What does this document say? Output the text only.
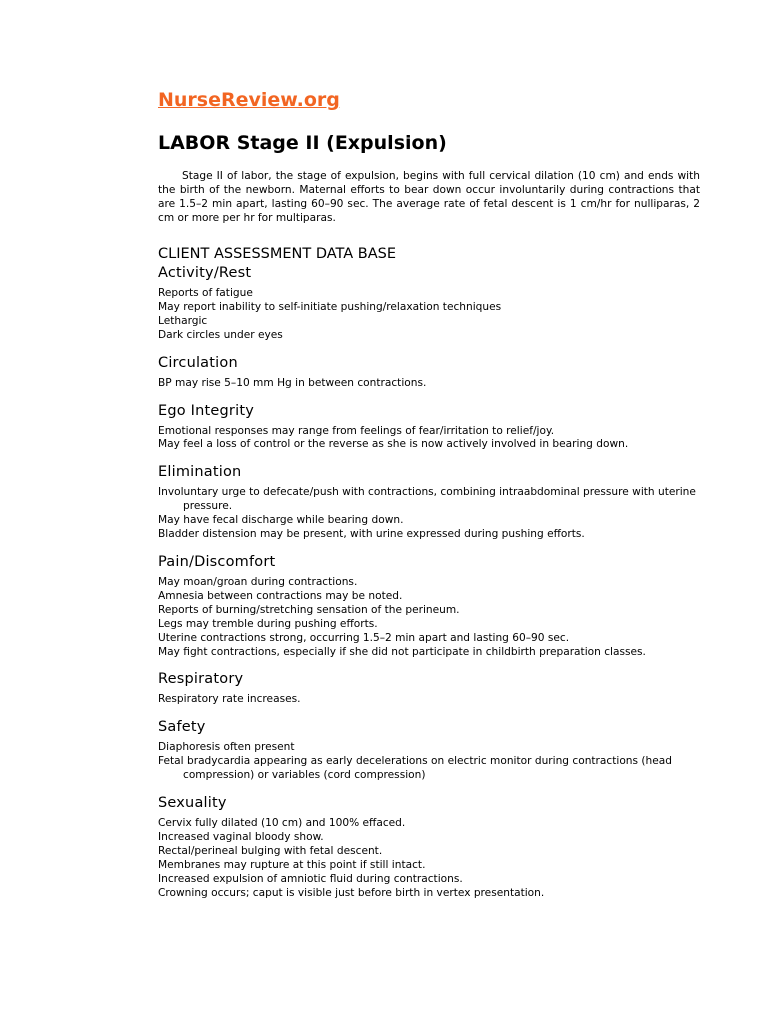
NurseReview.org
LABOR Stage II (Expulsion)

Stage II of labor, the stage of expulsion, begins with full cervical dilation (10 cm) and ends with the birth of the newborn. Maternal efforts to bear down occur involuntarily during contractions that are 1.5–2 min apart, lasting 60–90 sec. The average rate of fetal descent is 1 cm/hr for nulliparas, 2 cm or more per hr for multiparas.

CLIENT ASSESSMENT DATA BASE
Activity/Rest
Reports of fatigue
May report inability to self-initiate pushing/relaxation techniques
Lethargic
Dark circles under eyes
Circulation
BP may rise 5–10 mm Hg in between contractions.
Ego Integrity
Emotional responses may range from feelings of fear/irritation to relief/joy.
May feel a loss of control or the reverse as she is now actively involved in bearing down.
Elimination
Involuntary urge to defecate/push with contractions, combining intraabdominal pressure with uterine pressure.
May have fecal discharge while bearing down.
Bladder distension may be present, with urine expressed during pushing efforts.
Pain/Discomfort
May moan/groan during contractions.
Amnesia between contractions may be noted.
Reports of burning/stretching sensation of the perineum.
Legs may tremble during pushing efforts.
Uterine contractions strong, occurring 1.5–2 min apart and lasting 60–90 sec.
May fight contractions, especially if she did not participate in childbirth preparation classes.
Respiratory
Respiratory rate increases.
Safety
Diaphoresis often present
Fetal bradycardia appearing as early decelerations on electric monitor during contractions (head compression) or variables (cord compression)
Sexuality
Cervix fully dilated (10 cm) and 100% effaced.
Increased vaginal bloody show.
Rectal/perineal bulging with fetal descent.
Membranes may rupture at this point if still intact.
Increased expulsion of amniotic fluid during contractions.
Crowning occurs; caput is visible just before birth in vertex presentation.
